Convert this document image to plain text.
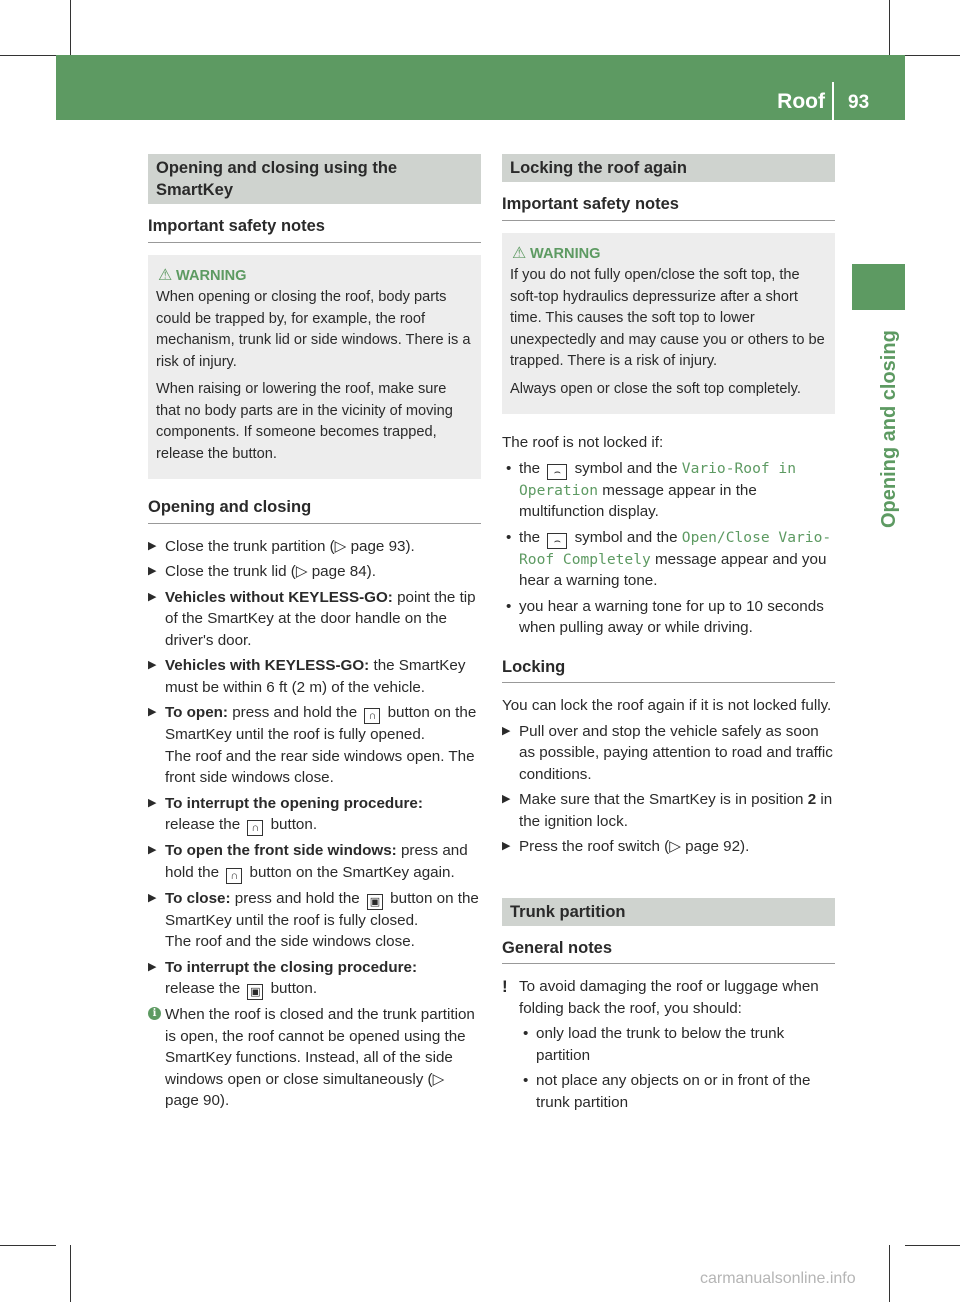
Roof 93
Opening and closing
Opening and closing using the SmartKey
Important safety notes
⚠ WARNING

When opening or closing the roof, body parts could be trapped by, for example, the roof mechanism, trunk lid or side windows. There is a risk of injury.

When raising or lowering the roof, make sure that no body parts are in the vicinity of moving components. If someone becomes trapped, release the button.

Opening and closing
▶ Close the trunk partition (▷ page 93).
▶ Close the trunk lid (▷ page 84).
▶ Vehicles without KEYLESS-GO: point the tip of the SmartKey at the door handle on the driver's door.
▶ Vehicles with KEYLESS-GO: the SmartKey must be within 6 ft (2 m) of the vehicle.
▶ To open: press and hold the ∩ button on the SmartKey until the roof is fully opened.
The roof and the rear side windows open. The front side windows close.
▶ To interrupt the opening procedure:
release the ∩ button.
▶ To open the front side windows: press and hold the ∩ button on the SmartKey again.
▶ To close: press and hold the ▣ button on the SmartKey until the roof is fully closed.
The roof and the side windows close.
▶ To interrupt the closing procedure:
release the ▣ button.
i When the roof is closed and the trunk partition is open, the roof cannot be opened using the SmartKey functions. Instead, all of the side windows open or close simultaneously (▷ page 90).
Locking the roof again
Important safety notes
⚠ WARNING

If you do not fully open/close the soft top, the soft-top hydraulics depressurize after a short time. This causes the soft top to lower unexpectedly and may cause you or others to be trapped. There is a risk of injury.

Always open or close the soft top completely.

The roof is not locked if:

• the ⌢ symbol and the Vario-Roof in Operation message appear in the multifunction display.
• the ⌢ symbol and the Open/Close Vario-Roof Completely message appear and you hear a warning tone.
• you hear a warning tone for up to 10 seconds when pulling away or while driving.
Locking

You can lock the roof again if it is not locked fully.

▶ Pull over and stop the vehicle safely as soon as possible, paying attention to road and traffic conditions.
▶ Make sure that the SmartKey is in position 2 in the ignition lock.
▶ Press the roof switch (▷ page 92).
Trunk partition
General notes
! To avoid damaging the roof or luggage when folding back the roof, you should:
• only load the trunk to below the trunk partition
• not place any objects on or in front of the trunk partition
carmanualsonline.info
